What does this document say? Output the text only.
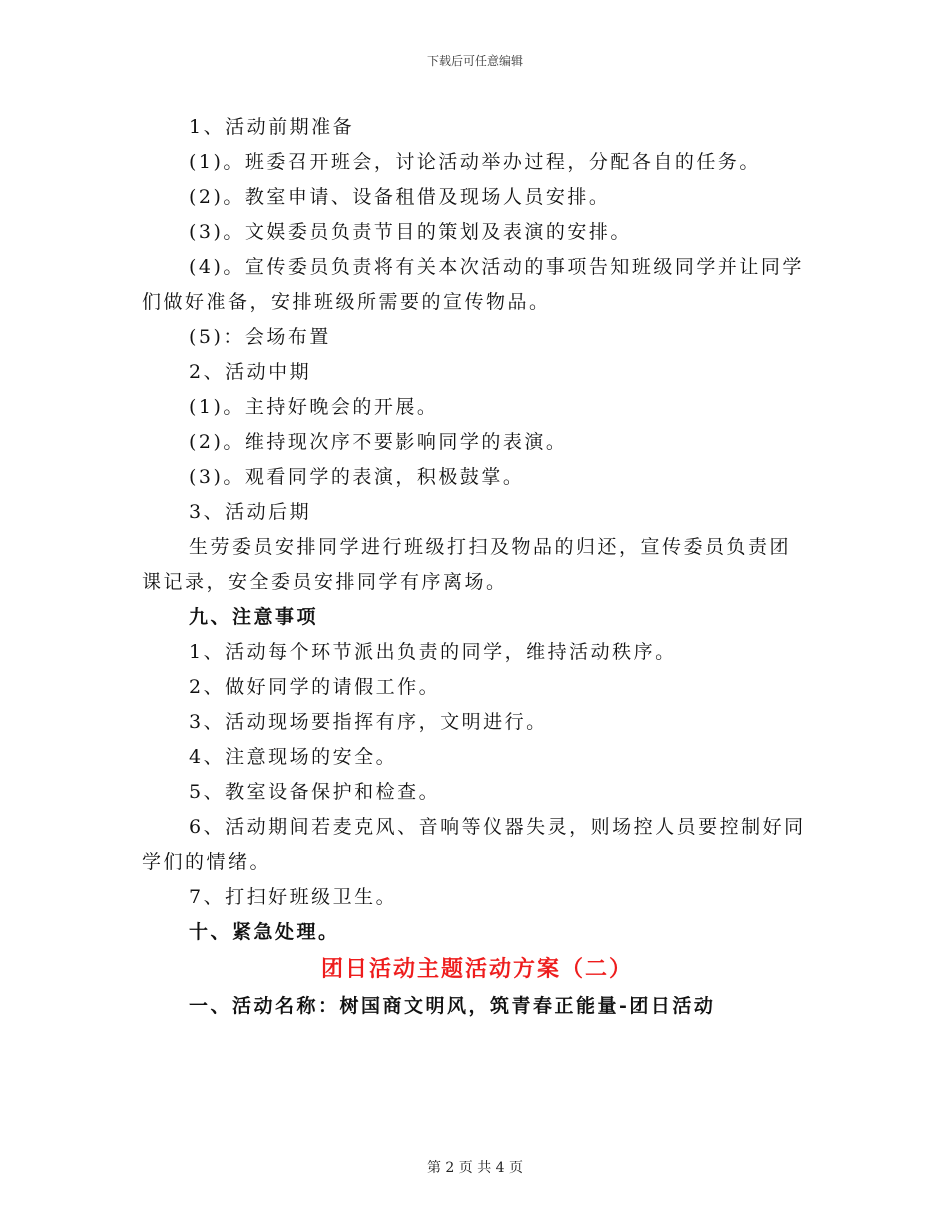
下载后可任意编辑

1、活动前期准备

(1)。班委召开班会，讨论活动举办过程，分配各自的任务。

(2)。教室申请、设备租借及现场人员安排。

(3)。文娱委员负责节目的策划及表演的安排。

(4)。宣传委员负责将有关本次活动的事项告知班级同学并让同学们做好准备，安排班级所需要的宣传物品。

(5)：会场布置

2、活动中期

(1)。主持好晚会的开展。

(2)。维持现次序不要影响同学的表演。

(3)。观看同学的表演，积极鼓掌。

3、活动后期

生劳委员安排同学进行班级打扫及物品的归还，宣传委员负责团课记录，安全委员安排同学有序离场。

九、注意事项

1、活动每个环节派出负责的同学，维持活动秩序。

2、做好同学的请假工作。

3、活动现场要指挥有序，文明进行。

4、注意现场的安全。

5、教室设备保护和检查。

6、活动期间若麦克风、音响等仪器失灵，则场控人员要控制好同学们的情绪。

7、打扫好班级卫生。

十、紧急处理。

团日活动主题活动方案（二）

一、活动名称：树国商文明风，筑青春正能量-团日活动

第 2 页 共 4 页
